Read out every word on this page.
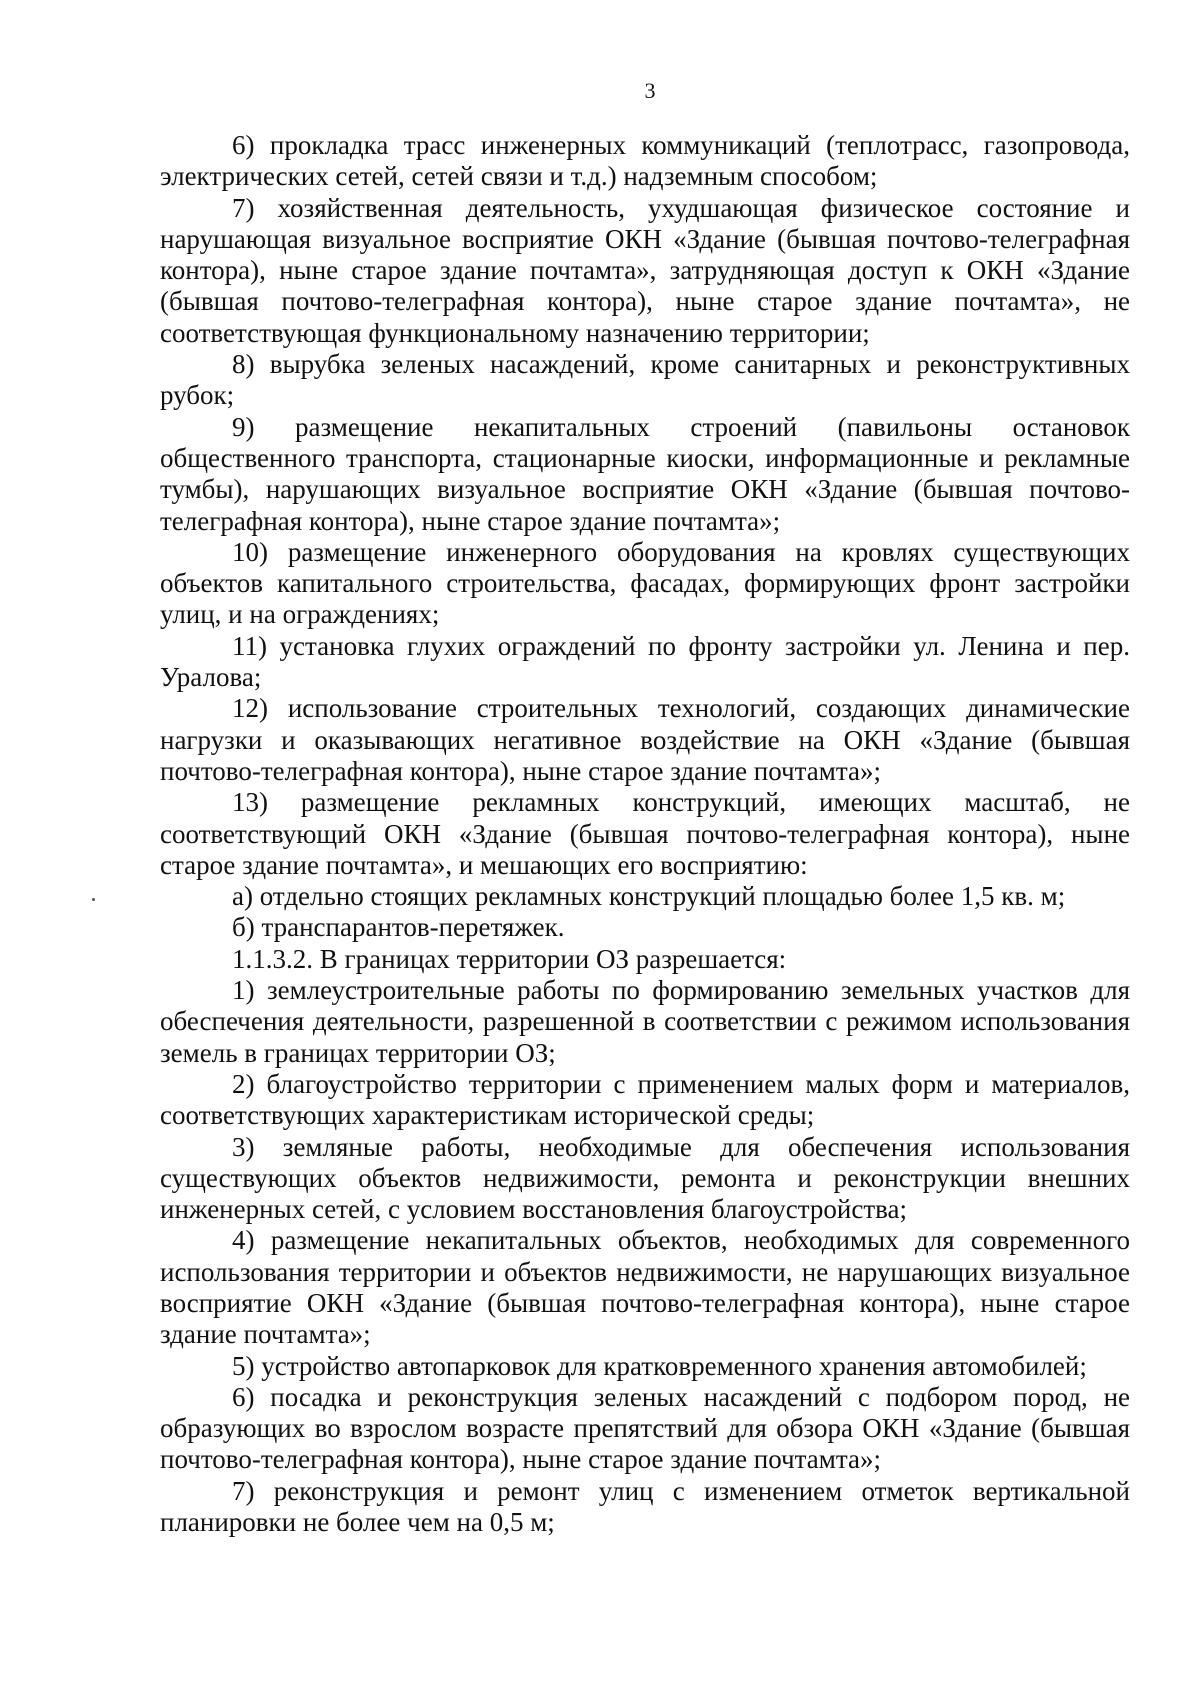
3

6) прокладка трасс инженерных коммуникаций (теплотрасс, газопровода, электрических сетей, сетей связи и т.д.) надземным способом;

7) хозяйственная деятельность, ухудшающая физическое состояние и нарушающая визуальное восприятие ОКН «Здание (бывшая почтово-телеграфная контора), ныне старое здание почтамта», затрудняющая доступ к ОКН «Здание (бывшая почтово-телеграфная контора), ныне старое здание почтамта», не соответствующая функциональному назначению территории;

8) вырубка зеленых насаждений, кроме санитарных и реконструктивных рубок;

9) размещение некапитальных строений (павильоны остановок общественного транспорта, стационарные киоски, информационные и рекламные тумбы), нарушающих визуальное восприятие ОКН «Здание (бывшая почтово-телеграфная контора), ныне старое здание почтамта»;

10) размещение инженерного оборудования на кровлях существующих объектов капитального строительства, фасадах, формирующих фронт застройки улиц, и на ограждениях;

11) установка глухих ограждений по фронту застройки ул. Ленина и пер. Уралова;

12) использование строительных технологий, создающих динамические нагрузки и оказывающих негативное воздействие на ОКН «Здание (бывшая почтово-телеграфная контора), ныне старое здание почтамта»;

13) размещение рекламных конструкций, имеющих масштаб, не соответствующий ОКН «Здание (бывшая почтово-телеграфная контора), ныне старое здание почтамта», и мешающих его восприятию:

а) отдельно стоящих рекламных конструкций площадью более 1,5 кв. м;

б) транспарантов-перетяжек.

1.1.3.2. В границах территории ОЗ разрешается:

1) землеустроительные работы по формированию земельных участков для обеспечения деятельности, разрешенной в соответствии с режимом использования земель в границах территории ОЗ;

2) благоустройство территории с применением малых форм и материалов, соответствующих характеристикам исторической среды;

3) земляные работы, необходимые для обеспечения использования существующих объектов недвижимости, ремонта и реконструкции внешних инженерных сетей, с условием восстановления благоустройства;

4) размещение некапитальных объектов, необходимых для современного использования территории и объектов недвижимости, не нарушающих визуальное восприятие ОКН «Здание (бывшая почтово-телеграфная контора), ныне старое здание почтамта»;

5) устройство автопарковок для кратковременного хранения автомобилей;

6) посадка и реконструкция зеленых насаждений с подбором пород, не образующих во взрослом возрасте препятствий для обзора ОКН «Здание (бывшая почтово-телеграфная контора), ныне старое здание почтамта»;

7) реконструкция и ремонт улиц с изменением отметок вертикальной планировки не более чем на 0,5 м;
